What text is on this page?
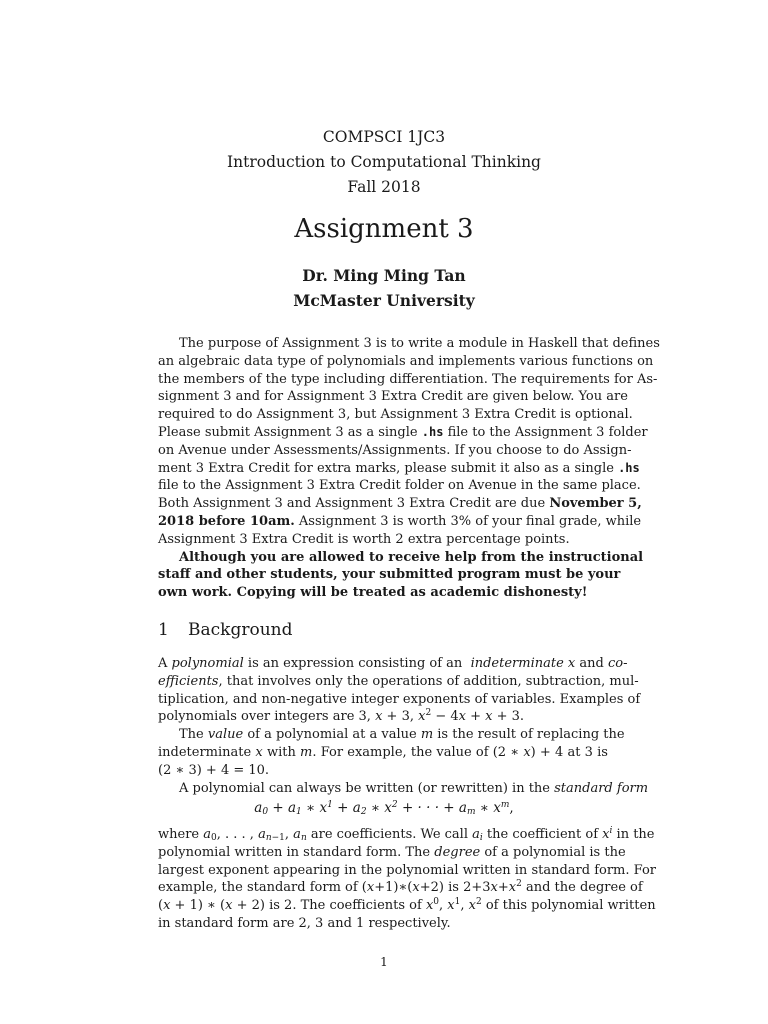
COMPSCI 1JC3
Introduction to Computational Thinking
Fall 2018
Assignment 3
Dr. Ming Ming Tan
McMaster University
The purpose of Assignment 3 is to write a module in Haskell that defines
an algebraic data type of polynomials and implements various functions on
the members of the type including differentiation. The requirements for As-
signment 3 and for Assignment 3 Extra Credit are given below. You are
required to do Assignment 3, but Assignment 3 Extra Credit is optional.
Please submit Assignment 3 as a single .hs file to the Assignment 3 folder
on Avenue under Assessments/Assignments. If you choose to do Assign-
ment 3 Extra Credit for extra marks, please submit it also as a single .hs
file to the Assignment 3 Extra Credit folder on Avenue in the same place.
Both Assignment 3 and Assignment 3 Extra Credit are due November 5,
2018 before 10am. Assignment 3 is worth 3% of your final grade, while
Assignment 3 Extra Credit is worth 2 extra percentage points.
Although you are allowed to receive help from the instructional
staff and other students, your submitted program must be your
own work. Copying will be treated as academic dishonesty!
1 Background
A polynomial is an expression consisting of an  indeterminate x and co-
efficients, that involves only the operations of addition, subtraction, mul-
tiplication, and non-negative integer exponents of variables. Examples of
polynomials over integers are 3, x + 3, $x^2 - 4x + x + 3$.
The value of a polynomial at a value m is the result of replacing the
indeterminate x with m. For example, the value of (2 ∗ x) + 4 at 3 is
(2 ∗ 3) + 4 = 10.
A polynomial can always be written (or rewritten) in the standard form
$a_0 + a_1$ ∗ $x^1 + a_2$ ∗ $x^2$ + · · · + $a_m$ ∗ $x^m$,
where $a_0$, . . . , $a_{n-1}$, $a_n$ are coefficients. We call $a_i$ the coefficient of $x^i$ in the
polynomial written in standard form. The degree of a polynomial is the
largest exponent appearing in the polynomial written in standard form. For
example, the standard form of (x+1)∗(x+2) is $2+3x+x^2$ and the degree of
(x + 1) ∗ (x + 2) is 2. The coefficients of $x^0$, $x^1$, $x^2$ of this polynomial written
in standard form are 2, 3 and 1 respectively.
1
